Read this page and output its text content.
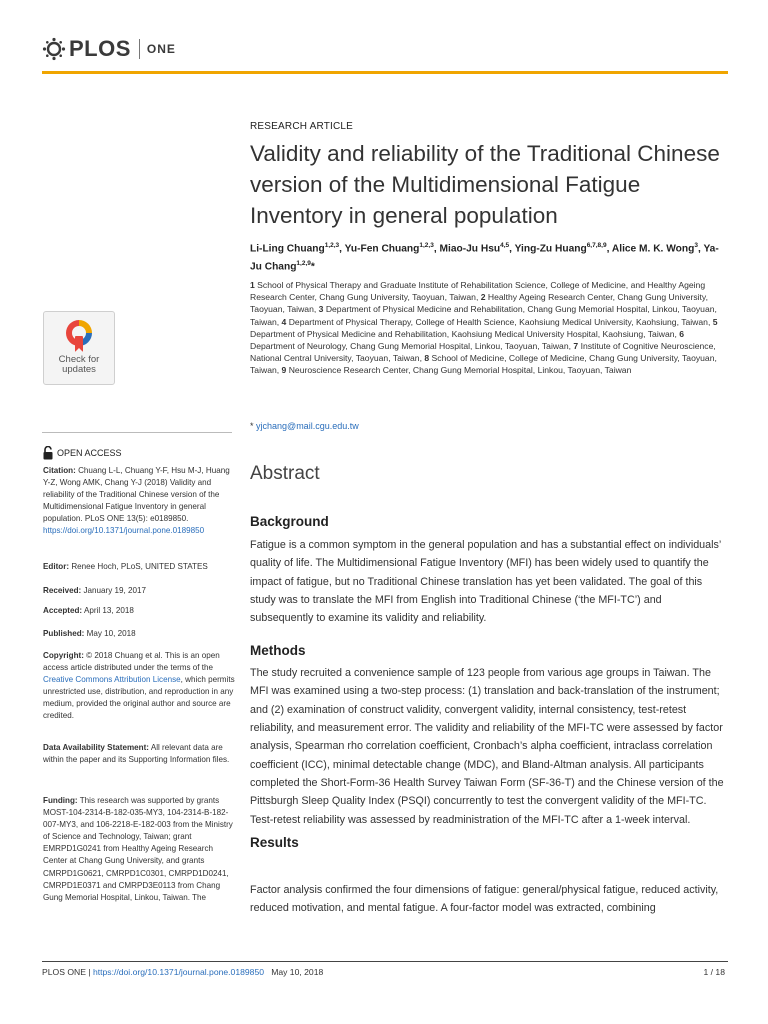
PLOS ONE
RESEARCH ARTICLE
Validity and reliability of the Traditional Chinese version of the Multidimensional Fatigue Inventory in general population
Li-Ling Chuang$^{1,2,3}$, Yu-Fen Chuang$^{1,2,3}$, Miao-Ju Hsu$^{4,5}$, Ying-Zu Huang$^{6,7,8,9}$, Alice M. K. Wong$^3$, Ya-Ju Chang$^{1,2,9}$*
1 School of Physical Therapy and Graduate Institute of Rehabilitation Science, College of Medicine, and Healthy Ageing Research Center, Chang Gung University, Taoyuan, Taiwan, 2 Healthy Ageing Research Center, Chang Gung University, Taoyuan, Taiwan, 3 Department of Physical Medicine and Rehabilitation, Chang Gung Memorial Hospital, Linkou, Taoyuan, Taiwan, 4 Department of Physical Therapy, College of Health Science, Kaohsiung Medical University, Kaohsiung, Taiwan, 5 Department of Physical Medicine and Rehabilitation, Kaohsiung Medical University Hospital, Kaohsiung, Taiwan, 6 Department of Neurology, Chang Gung Memorial Hospital, Linkou, Taoyuan, Taiwan, 7 Institute of Cognitive Neuroscience, National Central University, Taoyuan, Taiwan, 8 School of Medicine, College of Medicine, Chang Gung University, Taoyuan, Taiwan, 9 Neuroscience Research Center, Chang Gung Memorial Hospital, Linkou, Taoyuan, Taiwan
* yjchang@mail.cgu.edu.tw
Check for
updates
OPEN ACCESS
Citation: Chuang L-L, Chuang Y-F, Hsu M-J, Huang Y-Z, Wong AMK, Chang Y-J (2018) Validity and reliability of the Traditional Chinese version of the Multidimensional Fatigue Inventory in general population. PLoS ONE 13(5): e0189850. https://doi.org/10.1371/journal.pone.0189850
Editor: Renee Hoch, PLoS, UNITED STATES
Received: January 19, 2017
Accepted: April 13, 2018
Published: May 10, 2018
Copyright: © 2018 Chuang et al. This is an open access article distributed under the terms of the Creative Commons Attribution License, which permits unrestricted use, distribution, and reproduction in any medium, provided the original author and source are credited.
Data Availability Statement: All relevant data are within the paper and its Supporting Information files.
Funding: This research was supported by grants MOST-104-2314-B-182-035-MY3, 104-2314-B-182-007-MY3, and 106-2218-E-182-003 from the Ministry of Science and Technology, Taiwan; grant EMRPD1G0241 from Healthy Ageing Research Center at Chang Gung University, and grants CMRPD1G0621, CMRPD1C0301, CMRPD1D0241, CMRPD1E0371 and CMRPD3E0113 from Chang Gung Memorial Hospital, Linkou, Taiwan. The
Abstract
Background

Fatigue is a common symptom in the general population and has a substantial effect on individuals’ quality of life. The Multidimensional Fatigue Inventory (MFI) has been widely used to quantify the impact of fatigue, but no Traditional Chinese translation has yet been validated. The goal of this study was to translate the MFI from English into Traditional Chinese (‘the MFI-TC’) and subsequently to examine its validity and reliability.

Methods

The study recruited a convenience sample of 123 people from various age groups in Taiwan. The MFI was examined using a two-step process: (1) translation and back-translation of the instrument; and (2) examination of construct validity, convergent validity, internal consistency, test-retest reliability, and measurement error. The validity and reliability of the MFI-TC were assessed by factor analysis, Spearman rho correlation coefficient, Cronbach’s alpha coefficient, intraclass correlation coefficient (ICC), minimal detectable change (MDC), and Bland-Altman analysis. All participants completed the Short-Form-36 Health Survey Taiwan Form (SF-36-T) and the Chinese version of the Pittsburgh Sleep Quality Index (PSQI) concurrently to test the convergent validity of the MFI-TC. Test-retest reliability was assessed by readministration of the MFI-TC after a 1-week interval.

Results

Factor analysis confirmed the four dimensions of fatigue: general/physical fatigue, reduced activity, reduced motivation, and mental fatigue. A four-factor model was extracted, combining

PLOS ONE | https://doi.org/10.1371/journal.pone.0189850 May 10, 2018	1 / 18
